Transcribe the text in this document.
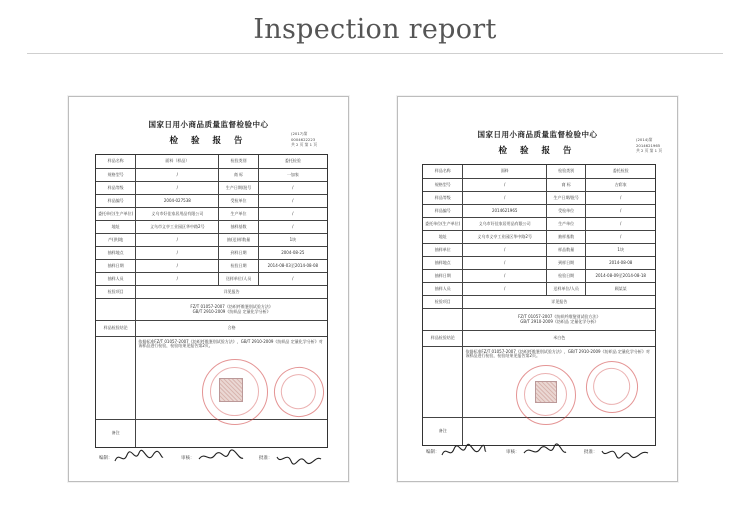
Inspection report
国家日用小商品质量监督检验中心
检 验 报 告
(2017)第
0004622223
共 2 页 第 1 页
样品名称	面料（样品）	检验类别	委托检验
规格型号	/	商 标	一加家
样品等级	/	生产日期/批号	/
样品编号	2004-027538	受检单位	/
委托单位(生产单位)	义乌市好佳家居用品有限公司	生产单位	/
地址	义乌市义亭工业园区华中路2号	抽样基数	/
产(供)地	/	抽(送)样数量	1块
抽样地点	/	到样日期	2004-08-25
抽样日期	/	检验日期	2014-08-03至2014-08-08
抽样人员	/	送样单位/人员	/
检验项目	详见报告
FZ/T 01057-2007《纺织纤维鉴别试验方法》
GB/T 2910-2009《纺织品 定量化学分析》
样品检验结论	合格
依据标准FZ/T 01057-2007《纺织纤维鉴别试验方法》，GB/T 2910-2009《纺织品 定量化学分析》对该样品进行检验，检验结果见报告第2页。
备注
编制：	审核：	批准：
国家日用小商品质量监督检验中心
检 验 报 告
(2014)第
2014621965
共 2 页 第 1 页
样品名称	面料	检验类别	委托检验
规格型号	/	商 标	吉彩家
样品等级	/	生产日期/批号	/
样品编号	2014621965	受检单位	/
委托单位(生产单位)	义乌市好佳家居用品有限公司	生产单位	/
地址	义乌市义亭工业园区华中路2号	抽样基数	/
抽样单位	/	样品数量	1块
抽样地点	/	到样日期	2014-08-08
抽样日期	/	检验日期	2014-08-09至2014-08-18
抽样人员	/	送样单位/人员	顾某某
检验项目	详见报告
FZ/T 01057-2007《纺织纤维鉴别试验方法》
GB/T 2910-2009《纺织品 定量化学分析》
样品检验结论	米白色
依据标准FZ/T 01057-2007《纺织纤维鉴别试验方法》，GB/T 2910-2009《纺织品 定量化学分析》对该样品进行检验，检验结果见报告第2页。
备注
编制：	审核：	批准：
